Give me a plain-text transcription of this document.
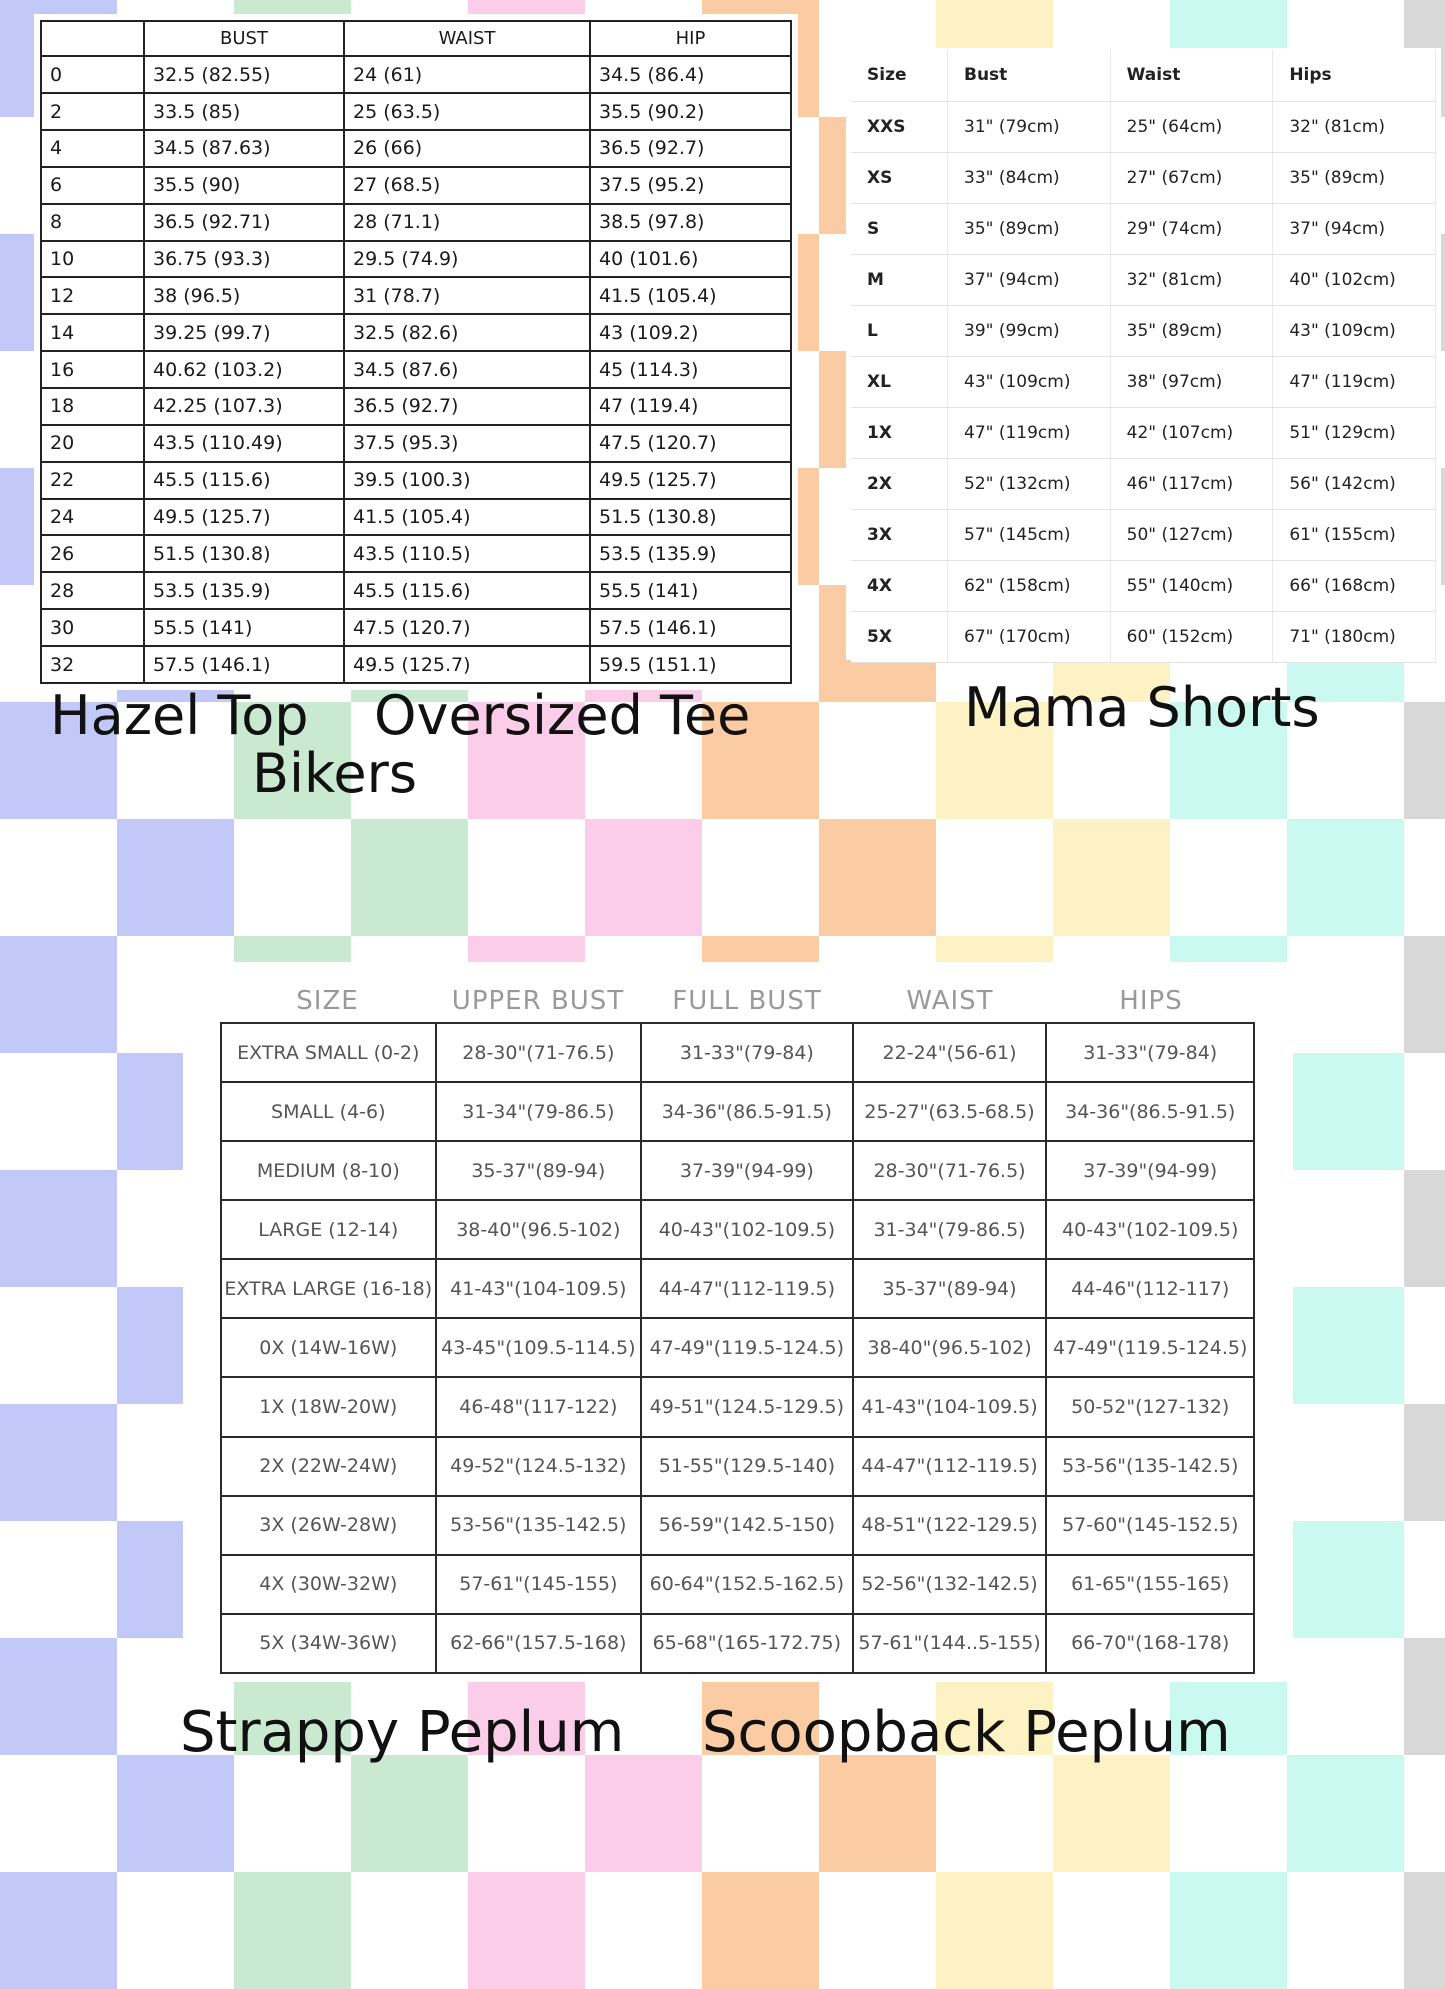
	BUST	WAIST	HIP
0	32.5 (82.55)	24 (61)	34.5 (86.4)
2	33.5 (85)	25 (63.5)	35.5 (90.2)
4	34.5 (87.63)	26 (66)	36.5 (92.7)
6	35.5 (90)	27 (68.5)	37.5 (95.2)
8	36.5 (92.71)	28 (71.1)	38.5 (97.8)
10	36.75 (93.3)	29.5 (74.9)	40 (101.6)
12	38 (96.5)	31 (78.7)	41.5 (105.4)
14	39.25 (99.7)	32.5 (82.6)	43 (109.2)
16	40.62 (103.2)	34.5 (87.6)	45 (114.3)
18	42.25 (107.3)	36.5 (92.7)	47 (119.4)
20	43.5 (110.49)	37.5 (95.3)	47.5 (120.7)
22	45.5 (115.6)	39.5 (100.3)	49.5 (125.7)
24	49.5 (125.7)	41.5 (105.4)	51.5 (130.8)
26	51.5 (130.8)	43.5 (110.5)	53.5 (135.9)
28	53.5 (135.9)	45.5 (115.6)	55.5 (141)
30	55.5 (141)	47.5 (120.7)	57.5 (146.1)
32	57.5 (146.1)	49.5 (125.7)	59.5 (151.1)
Size	Bust	Waist	Hips
XXS	31" (79cm)	25" (64cm)	32" (81cm)
XS	33" (84cm)	27" (67cm)	35" (89cm)
S	35" (89cm)	29" (74cm)	37" (94cm)
M	37" (94cm)	32" (81cm)	40" (102cm)
L	39" (99cm)	35" (89cm)	43" (109cm)
XL	43" (109cm)	38" (97cm)	47" (119cm)
1X	47" (119cm)	42" (107cm)	51" (129cm)
2X	52" (132cm)	46" (117cm)	56" (142cm)
3X	57" (145cm)	50" (127cm)	61" (155cm)
4X	62" (158cm)	55" (140cm)	66" (168cm)
5X	67" (170cm)	60" (152cm)	71" (180cm)
Hazel Top Oversized Tee
Bikers
Mama Shorts
SIZE	UPPER BUST	FULL BUST	WAIST	HIPS
EXTRA SMALL (0-2)	28-30"(71-76.5)	31-33"(79-84)	22-24"(56-61)	31-33"(79-84)
SMALL (4-6)	31-34"(79-86.5)	34-36"(86.5-91.5)	25-27"(63.5-68.5)	34-36"(86.5-91.5)
MEDIUM (8-10)	35-37"(89-94)	37-39"(94-99)	28-30"(71-76.5)	37-39"(94-99)
LARGE (12-14)	38-40"(96.5-102)	40-43"(102-109.5)	31-34"(79-86.5)	40-43"(102-109.5)
EXTRA LARGE (16-18)	41-43"(104-109.5)	44-47"(112-119.5)	35-37"(89-94)	44-46"(112-117)
0X (14W-16W)	43-45"(109.5-114.5)	47-49"(119.5-124.5)	38-40"(96.5-102)	47-49"(119.5-124.5)
1X (18W-20W)	46-48"(117-122)	49-51"(124.5-129.5)	41-43"(104-109.5)	50-52"(127-132)
2X (22W-24W)	49-52"(124.5-132)	51-55"(129.5-140)	44-47"(112-119.5)	53-56"(135-142.5)
3X (26W-28W)	53-56"(135-142.5)	56-59"(142.5-150)	48-51"(122-129.5)	57-60"(145-152.5)
4X (30W-32W)	57-61"(145-155)	60-64"(152.5-162.5)	52-56"(132-142.5)	61-65"(155-165)
5X (34W-36W)	62-66"(157.5-168)	65-68"(165-172.75)	57-61"(144..5-155)	66-70"(168-178)
Strappy Peplum Scoopback Peplum
